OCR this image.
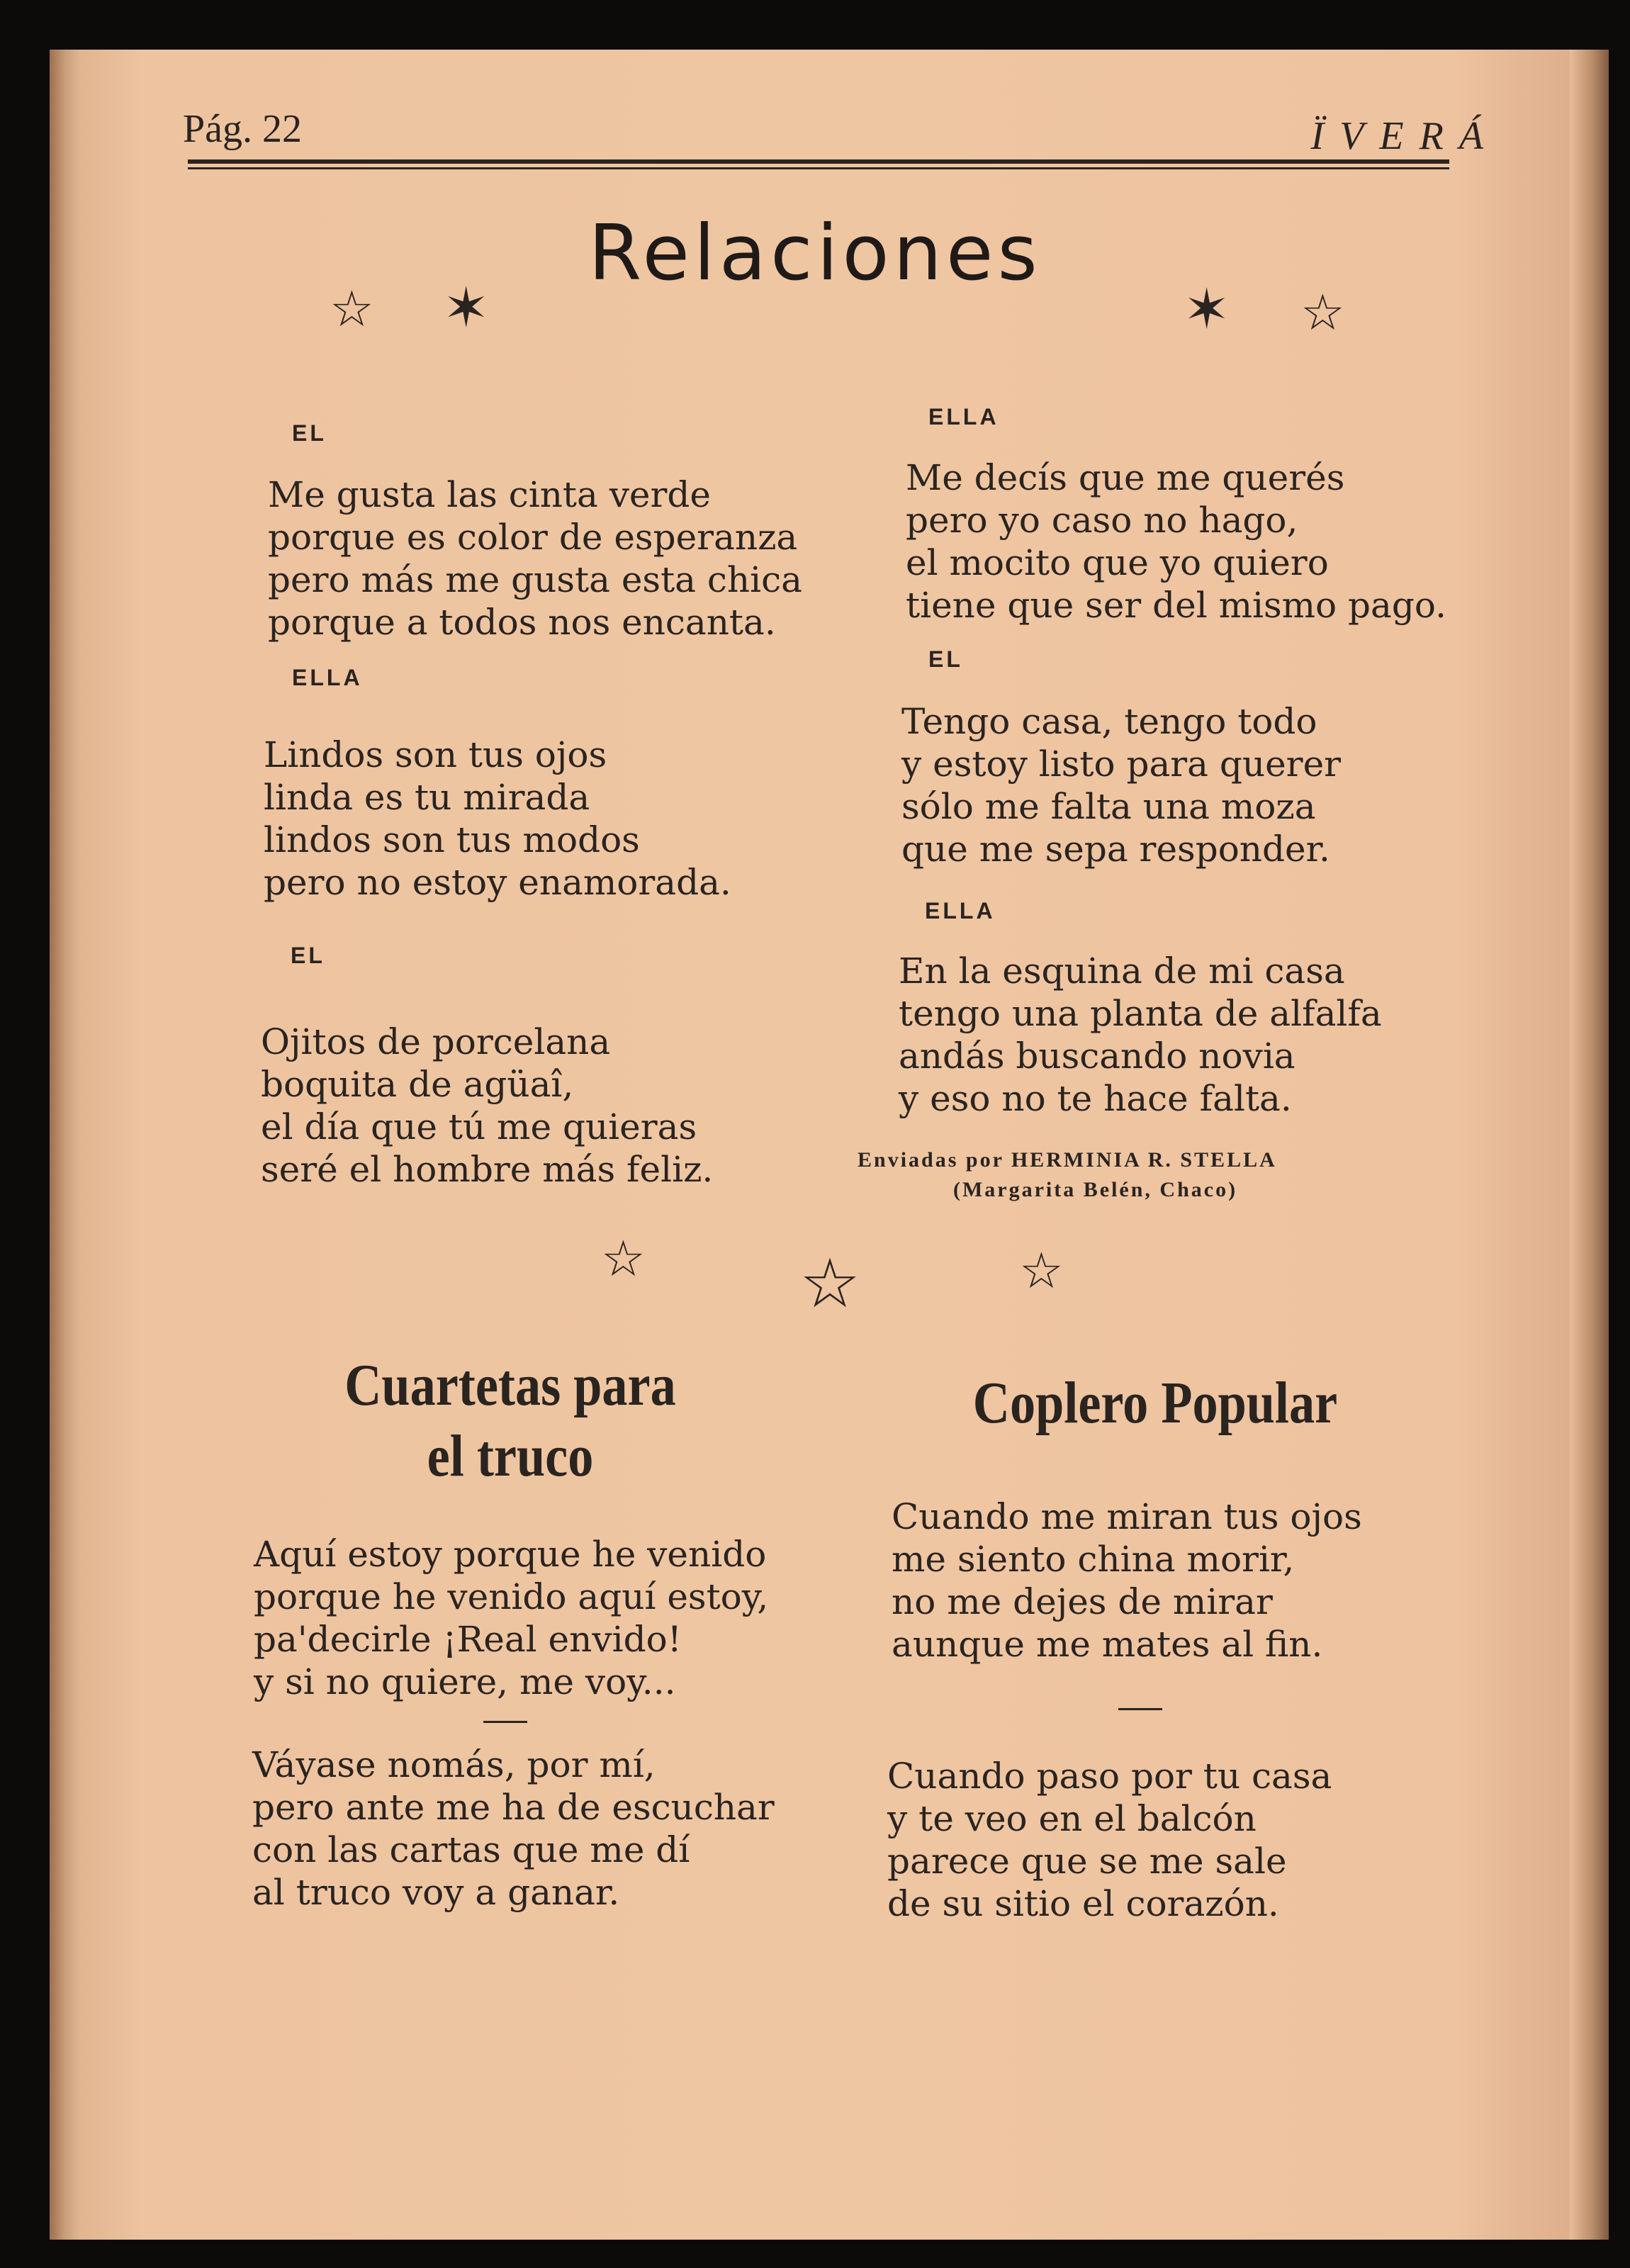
Pág. 22	ÏVERÁ
☆ ✶
Relaciones
✶ ☆
EL
Me gusta las cinta verde
porque es color de esperanza
pero más me gusta esta chica
porque a todos nos encanta.
ELLA
Lindos son tus ojos
linda es tu mirada
lindos son tus modos
pero no estoy enamorada.
EL
Ojitos de porcelana
boquita de agüaî,
el día que tú me quieras
seré el hombre más feliz.
ELLA
Me decís que me querés
pero yo caso no hago,
el mocito que yo quiero
tiene que ser del mismo pago.
EL
Tengo casa, tengo todo
y estoy listo para querer
sólo me falta una moza
que me sepa responder.
ELLA
En la esquina de mi casa
tengo una planta de alfalfa
andás buscando novia
y eso no te hace falta.
Enviadas por HERMINIA R. STELLA
(Margarita Belén, Chaco)
☆ ☆	☆
Cuartetas para
el truco
Aquí estoy porque he venido
porque he venido aquí estoy,
pa'decirle ¡Real envido!
y si no quiere, me voy...
Váyase nomás, por mí,
pero ante me ha de escuchar
con las cartas que me dí
al truco voy a ganar.
Coplero Popular
Cuando me miran tus ojos
me siento china morir,
no me dejes de mirar
aunque me mates al fin.
Cuando paso por tu casa
y te veo en el balcón
parece que se me sale
de su sitio el corazón.
